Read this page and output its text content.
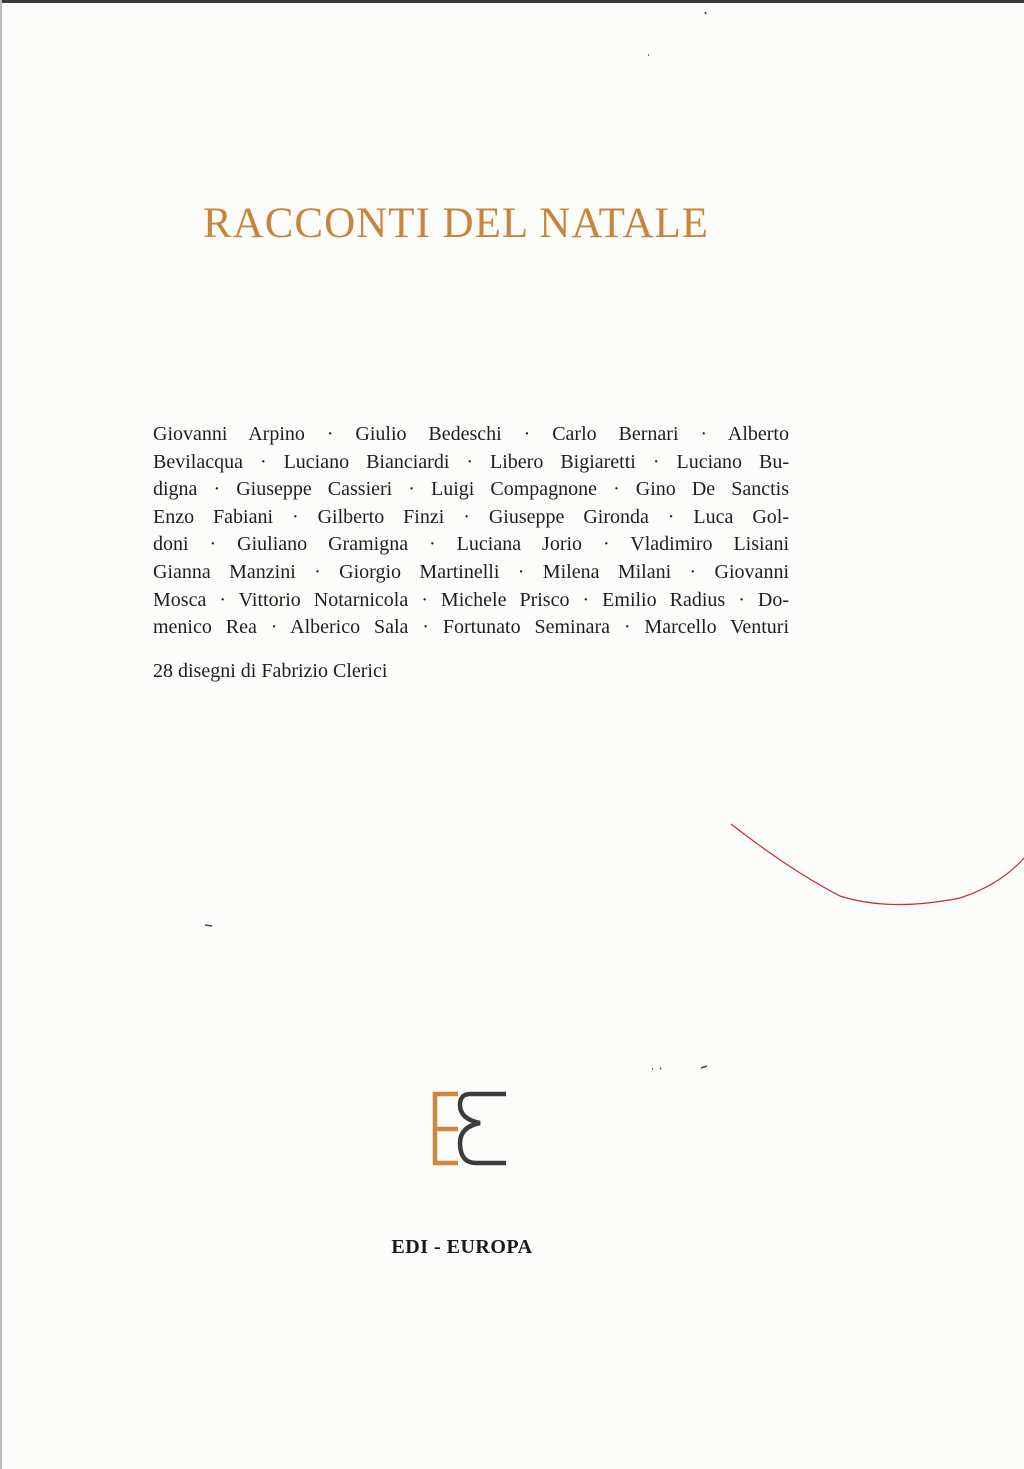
RACCONTI DEL NATALE
Giovanni Arpino · Giulio Bedeschi · Carlo Bernari · Alberto
Bevilacqua · Luciano Bianciardi · Libero Bigiaretti · Luciano Bu-
digna · Giuseppe Cassieri · Luigi Compagnone · Gino De Sanctis
Enzo Fabiani · Gilberto Finzi · Giuseppe Gironda · Luca Gol-
doni · Giuliano Gramigna · Luciana Jorio · Vladimiro Lisiani
Gianna Manzini · Giorgio Martinelli · Milena Milani · Giovanni
Mosca · Vittorio Notarnicola · Michele Prisco · Emilio Radius · Do-
menico Rea · Alberico Sala · Fortunato Seminara · Marcello Venturi

28 disegni di Fabrizio Clerici

EDI - EUROPA
